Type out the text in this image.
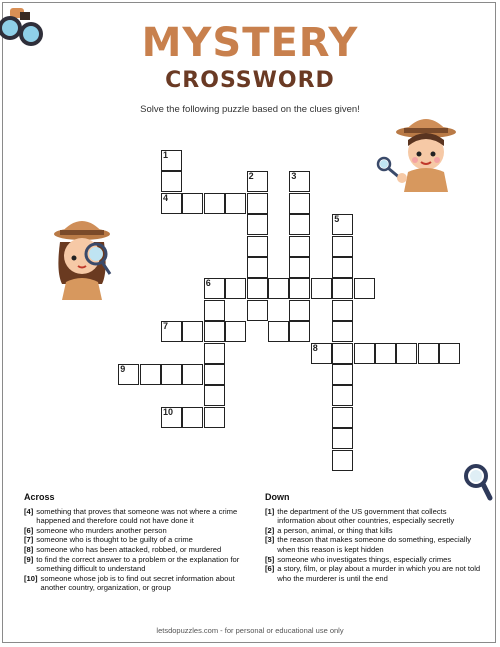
MYSTERY
CROSSWORD
Solve the following puzzle based on the clues given!
1
2	3
4
5
6
7
8
9
10
Across
[4] something that proves that someone was not where a crime happened and therefore could not have done it
[6] someone who murders another person
[7] someone who is thought to be guilty of a crime
[8] someone who has been attacked, robbed, or murdered
[9] to find the correct answer to a problem or the explanation for something difficult to understand
[10] someone whose job is to find out secret information about another country, organization, or group
Down
[1] the department of the US government that collects information about other countries, especially secretly
[2] a person, animal, or thing that kills
[3] the reason that makes someone do something, especially when this reason is kept hidden
[5] someone who investigates things, especially crimes
[6] a story, film, or play about a murder in which you are not told who the murderer is until the end
letsdopuzzles.com - for personal or educational use only
